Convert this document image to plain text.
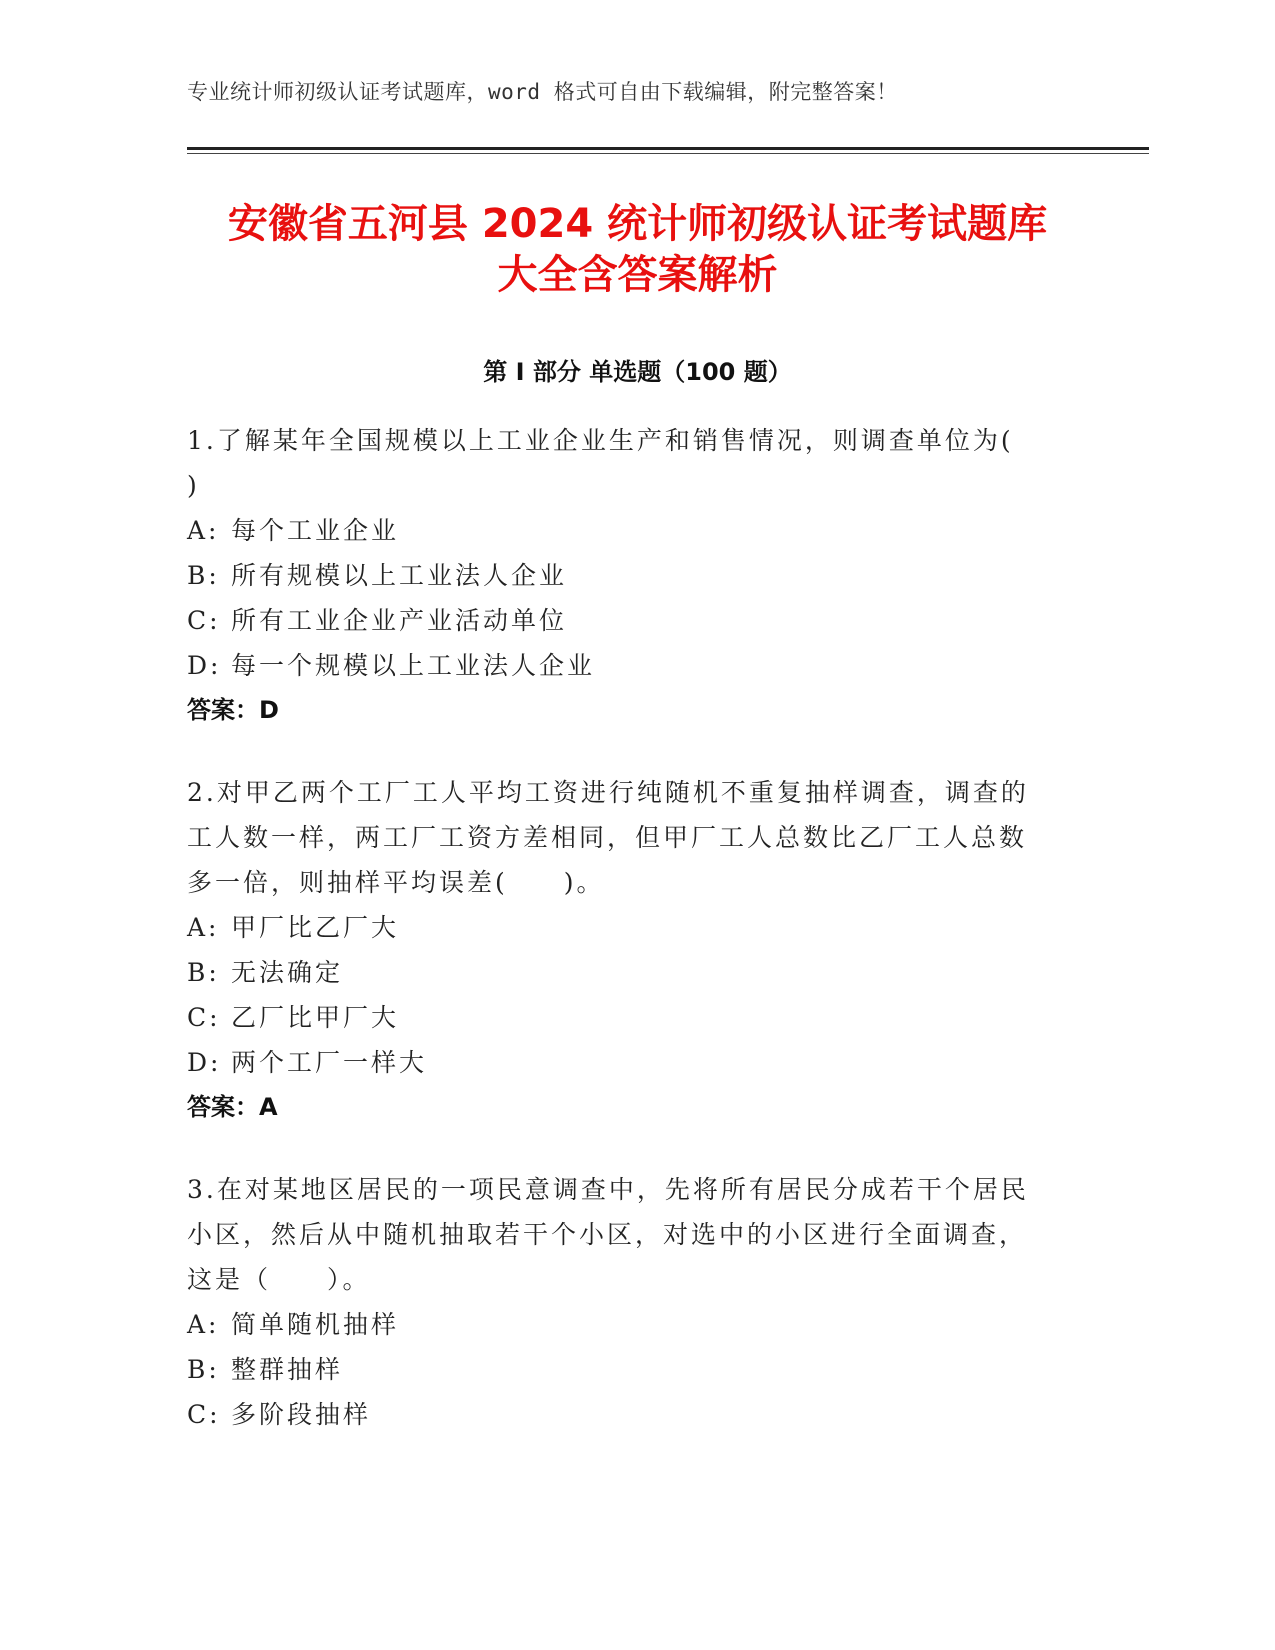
专业统计师初级认证考试题库，word 格式可自由下载编辑，附完整答案！
安徽省五河县 2024 统计师初级认证考试题库
大全含答案解析
第 I 部分 单选题（100 题）
1.了解某年全国规模以上工业企业生产和销售情况，则调查单位为(
)
A: 每个工业企业
B: 所有规模以上工业法人企业
C: 所有工业企业产业活动单位
D: 每一个规模以上工业法人企业
答案：D
2.对甲乙两个工厂工人平均工资进行纯随机不重复抽样调查，调查的
工人数一样，两工厂工资方差相同，但甲厂工人总数比乙厂工人总数
多一倍，则抽样平均误差(　　)。
A: 甲厂比乙厂大
B: 无法确定
C: 乙厂比甲厂大
D: 两个工厂一样大
答案：A
3.在对某地区居民的一项民意调查中，先将所有居民分成若干个居民
小区，然后从中随机抽取若干个小区，对选中的小区进行全面调查，
这是（　　）。
A: 简单随机抽样
B: 整群抽样
C: 多阶段抽样
